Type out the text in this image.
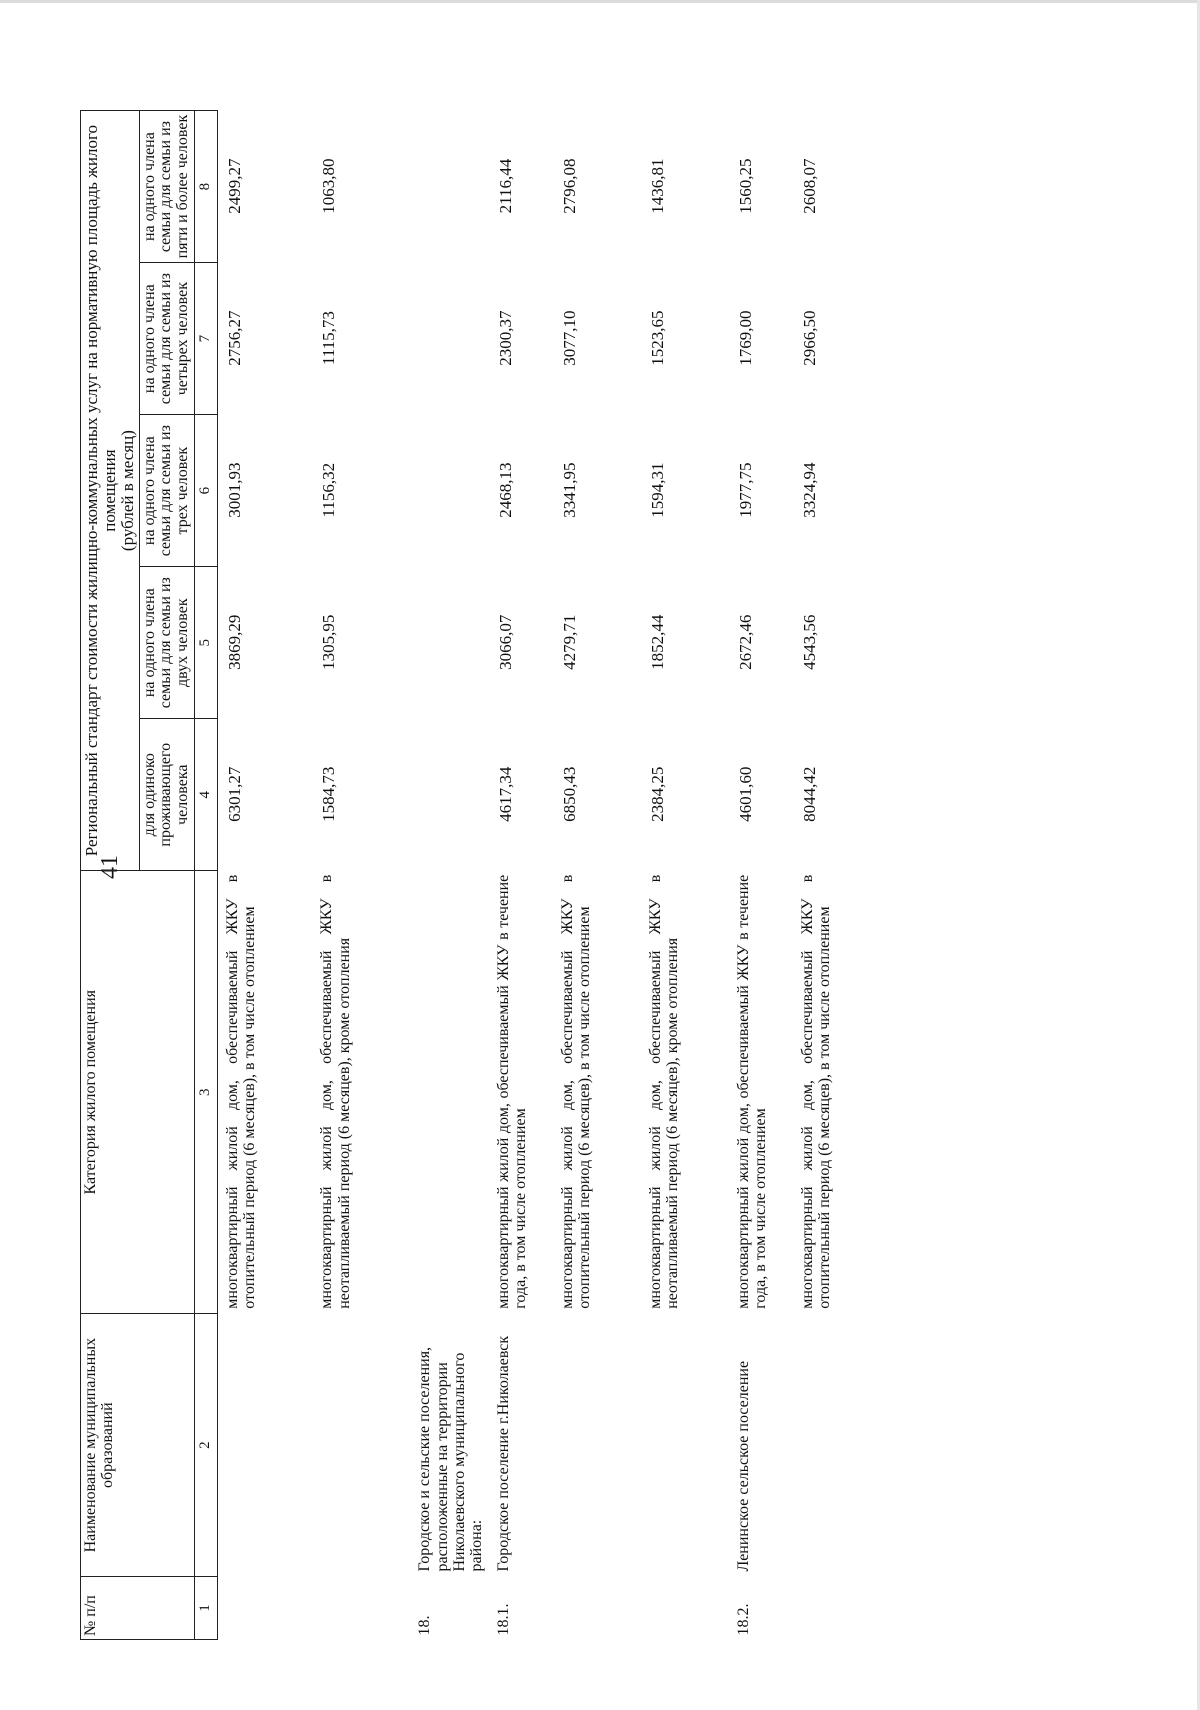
41
№ п/п	Наименование муниципальных образований	Категория жилого помещения	Региональный стандарт стоимости жилищно-коммунальных услуг на нормативную площадь жилого помещения
(рублей в месяц)				

			для одиноко проживающего человека	на одного члена семьи для семьи из двух человек	на одного члена семьи для семьи из трех человек	на одного члена семьи для семьи из четырех человек	на одного члена семьи для семьи из пяти и более человек
1	2	3	4	5	6	7	8
		многоквартирный жилой дом, обеспечиваемый ЖКУ в отопительный период (6 месяцев), в том числе отоплением	6301,27	3869,29	3001,93	2756,27	2499,27
		многоквартирный жилой дом, обеспечиваемый ЖКУ в неотапливаемый период (6 месяцев), кроме отопления	1584,73	1305,95	1156,32	1115,73	1063,80
18.	Городское и сельские поселения, расположенные на территории Николаевского муниципального района:						
18.1.	Городское поселение г.Николаевск	многоквартирный жилой дом, обеспечиваемый ЖКУ в течение года, в том числе отоплением	4617,34	3066,07	2468,13	2300,37	2116,44
		многоквартирный жилой дом, обеспечиваемый ЖКУ в отопительный период (6 месяцев), в том числе отоплением	6850,43	4279,71	3341,95	3077,10	2796,08
		многоквартирный жилой дом, обеспечиваемый ЖКУ в неотапливаемый период (6 месяцев), кроме отопления	2384,25	1852,44	1594,31	1523,65	1436,81
18.2.	Ленинское сельское поселение	многоквартирный жилой дом, обеспечиваемый ЖКУ в течение года, в том числе отоплением	4601,60	2672,46	1977,75	1769,00	1560,25
		многоквартирный жилой дом, обеспечиваемый ЖКУ в отопительный период (6 месяцев), в том числе отоплением	8044,42	4543,56	3324,94	2966,50	2608,07
